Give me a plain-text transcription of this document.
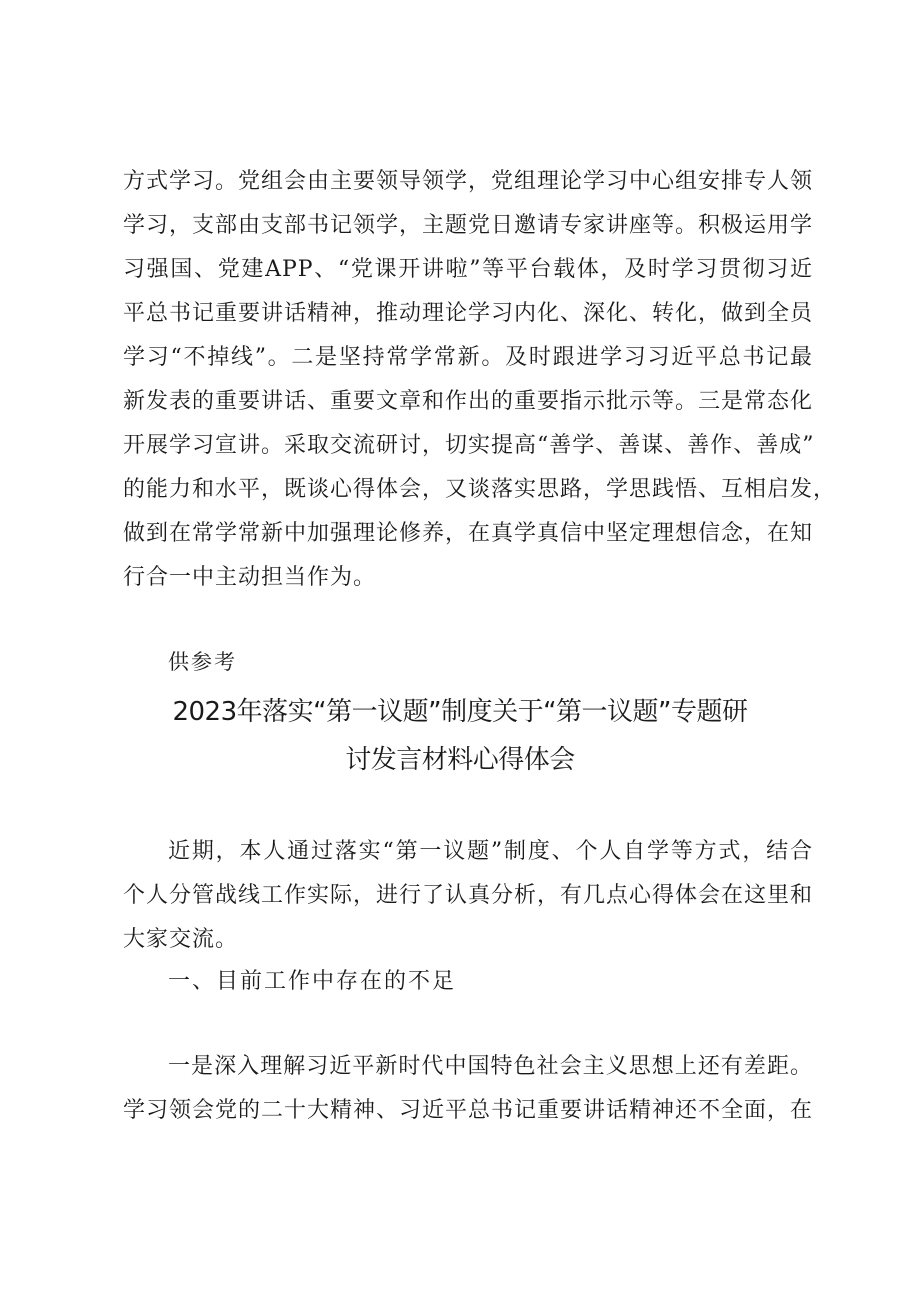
方式学习。党组会由主要领导领学，党组理论学习中心组安排专人领
学习，支部由支部书记领学，主题党日邀请专家讲座等。积极运用学
习强国、党建APP、“党课开讲啦”等平台载体，及时学习贯彻习近
平总书记重要讲话精神，推动理论学习内化、深化、转化，做到全员
学习“不掉线”。二是坚持常学常新。及时跟进学习习近平总书记最
新发表的重要讲话、重要文章和作出的重要指示批示等。三是常态化
开展学习宣讲。采取交流研讨，切实提高“善学、善谋、善作、善成”
的能力和水平，既谈心得体会，又谈落实思路，学思践悟、互相启发，
做到在常学常新中加强理论修养，在真学真信中坚定理想信念，在知
行合一中主动担当作为。
供参考
2023年落实“第一议题”制度关于“第一议题”专题研
讨发言材料心得体会
近期，本人通过落实“第一议题”制度、个人自学等方式，结合
个人分管战线工作实际，进行了认真分析，有几点心得体会在这里和
大家交流。
一、目前工作中存在的不足
一是深入理解习近平新时代中国特色社会主义思想上还有差距。
学习领会党的二十大精神、习近平总书记重要讲话精神还不全面，在
